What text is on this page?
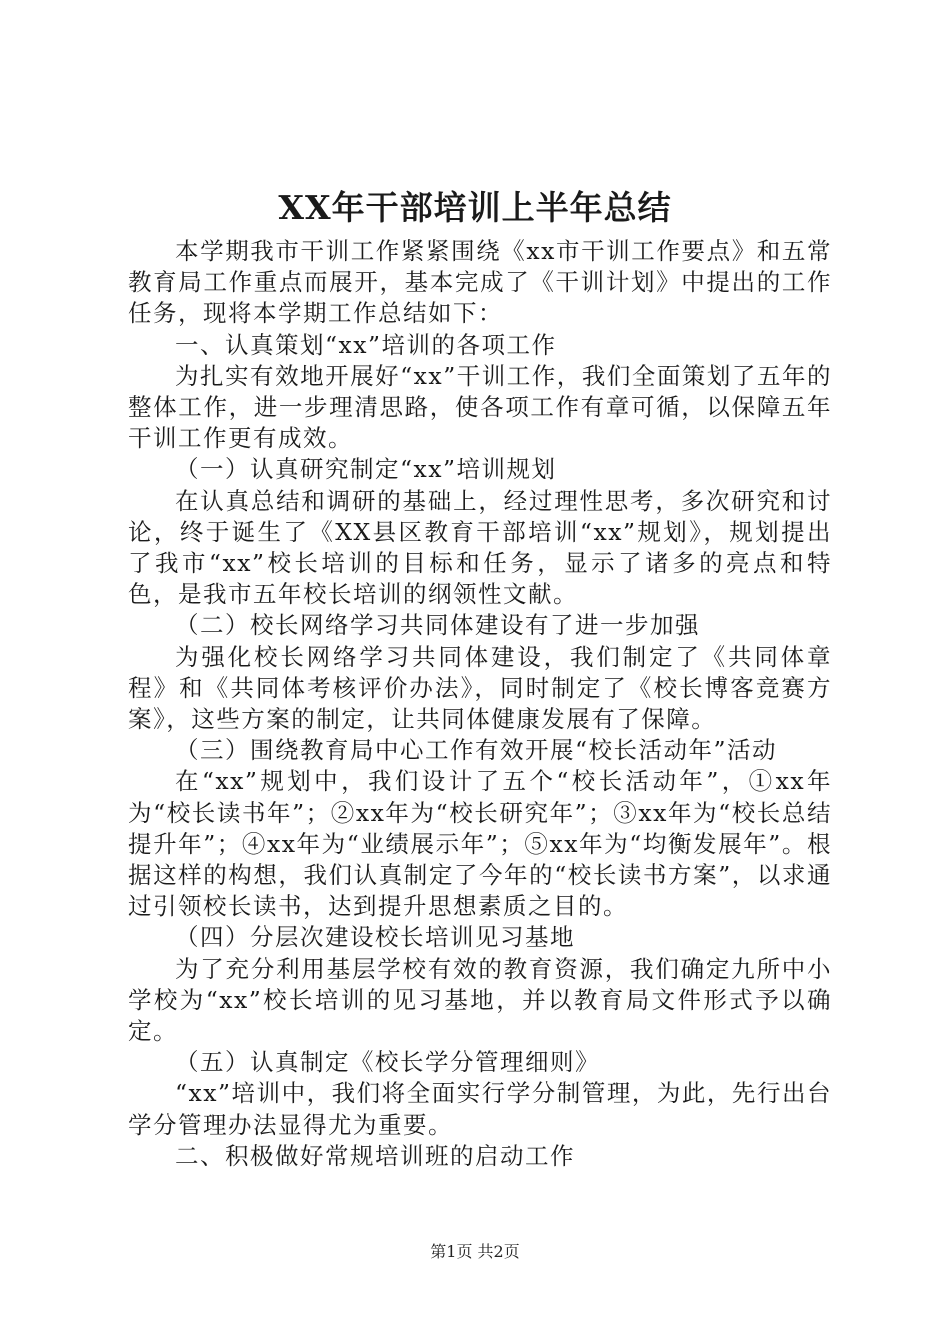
XX年干部培训上半年总结

本学期我市干训工作紧紧围绕《xx市干训工作要点》和五常教育局工作重点而展开，基本完成了《干训计划》中提出的工作任务，现将本学期工作总结如下：

一、认真策划“xx”培训的各项工作

为扎实有效地开展好“xx”干训工作，我们全面策划了五年的整体工作，进一步理清思路，使各项工作有章可循，以保障五年干训工作更有成效。

（一）认真研究制定“xx”培训规划

在认真总结和调研的基础上，经过理性思考，多次研究和讨论，终于诞生了《XX县区教育干部培训“xx”规划》，规划提出了我市“xx”校长培训的目标和任务，显示了诸多的亮点和特色，是我市五年校长培训的纲领性文献。

（二）校长网络学习共同体建设有了进一步加强

为强化校长网络学习共同体建设，我们制定了《共同体章程》和《共同体考核评价办法》，同时制定了《校长博客竞赛方案》，这些方案的制定，让共同体健康发展有了保障。

（三）围绕教育局中心工作有效开展“校长活动年”活动

在“xx”规划中，我们设计了五个“校长活动年”，①xx年为“校长读书年”；②xx年为“校长研究年”；③xx年为“校长总结提升年”；④xx年为“业绩展示年”；⑤xx年为“均衡发展年”。根据这样的构想，我们认真制定了今年的“校长读书方案”，以求通过引领校长读书，达到提升思想素质之目的。

（四）分层次建设校长培训见习基地

为了充分利用基层学校有效的教育资源，我们确定九所中小学校为“xx”校长培训的见习基地，并以教育局文件形式予以确定。

（五）认真制定《校长学分管理细则》

“xx”培训中，我们将全面实行学分制管理，为此，先行出台学分管理办法显得尤为重要。

二、积极做好常规培训班的启动工作

第1页 共2页
